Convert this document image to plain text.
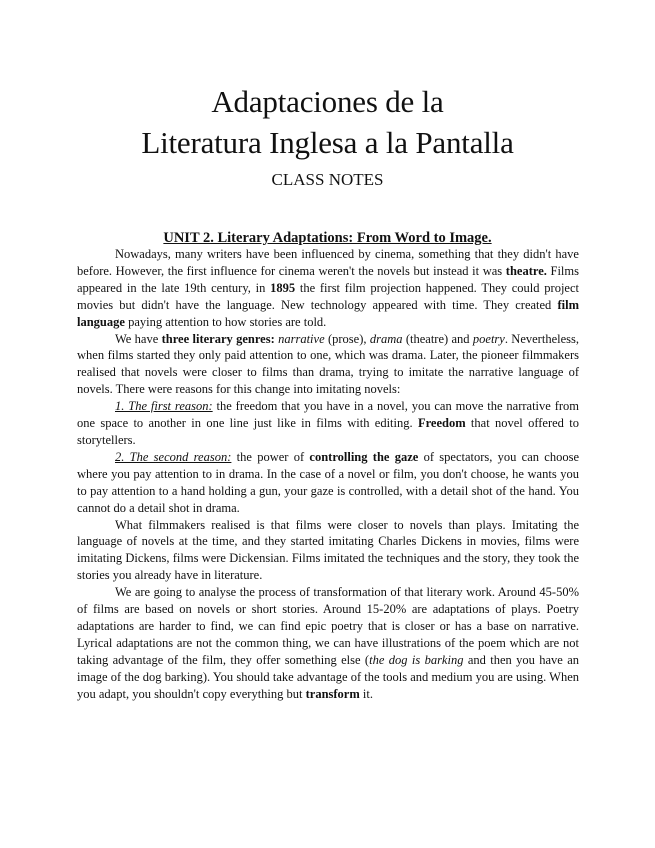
Adaptaciones de la
Literatura Inglesa a la Pantalla
CLASS NOTES
UNIT 2. Literary Adaptations: From Word to Image.

Nowadays, many writers have been influenced by cinema, something that they didn't have before. However, the first influence for cinema weren't the novels but instead it was theatre. Films appeared in the late 19th century, in 1895 the first film projection happened. They could project movies but didn't have the language. New technology appeared with time. They created film language paying attention to how stories are told.

We have three literary genres: narrative (prose), drama (theatre) and poetry. Nevertheless, when films started they only paid attention to one, which was drama. Later, the pioneer filmmakers realised that novels were closer to films than drama, trying to imitate the narrative language of novels. There were reasons for this change into imitating novels:

1. The first reason: the freedom that you have in a novel, you can move the narrative from one space to another in one line just like in films with editing. Freedom that novel offered to storytellers.

2. The second reason: the power of controlling the gaze of spectators, you can choose where you pay attention to in drama. In the case of a novel or film, you don't choose, he wants you to pay attention to a hand holding a gun, your gaze is controlled, with a detail shot of the hand. You cannot do a detail shot in drama.

What filmmakers realised is that films were closer to novels than plays. Imitating the language of novels at the time, and they started imitating Charles Dickens in movies, films were imitating Dickens, films were Dickensian. Films imitated the techniques and the story, they took the stories you already have in literature.

We are going to analyse the process of transformation of that literary work. Around 45-50% of films are based on novels or short stories. Around 15-20% are adaptations of plays. Poetry adaptations are harder to find, we can find epic poetry that is closer or has a base on narrative. Lyrical adaptations are not the common thing, we can have illustrations of the poem which are not taking advantage of the film, they offer something else (the dog is barking and then you have an image of the dog barking). You should take advantage of the tools and medium you are using. When you adapt, you shouldn't copy everything but transform it.
